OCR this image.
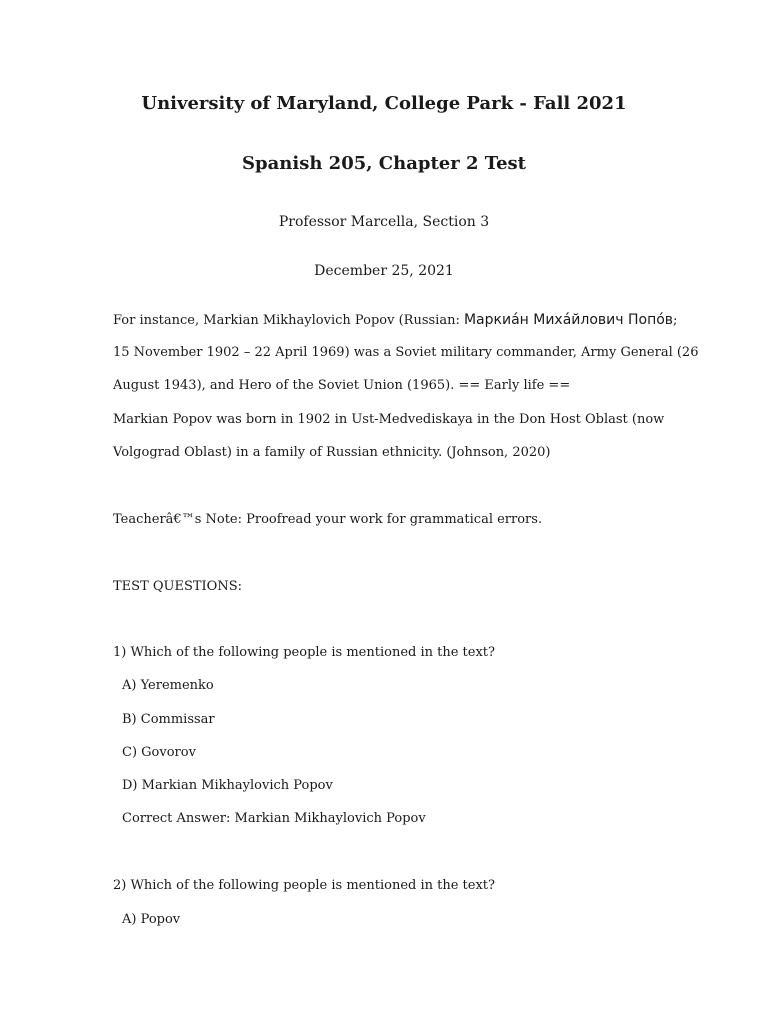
University of Maryland, College Park - Fall 2021

Spanish 205, Chapter 2 Test

Professor Marcella, Section 3

December 25, 2021

For instance, Markian Mikhaylovich Popov (Russian: Маркиа́н Миха́йлович Попо́в;

15 November 1902 – 22 April 1969) was a Soviet military commander, Army General (26

August 1943), and Hero of the Soviet Union (1965). == Early life ==

Markian Popov was born in 1902 in Ust-Medvediskaya in the Don Host Oblast (now

Volgograd Oblast) in a family of Russian ethnicity. (Johnson, 2020)

Teacherâ€™s Note: Proofread your work for grammatical errors.

TEST QUESTIONS:

1) Which of the following people is mentioned in the text?

A) Yeremenko

B) Commissar

C) Govorov

D) Markian Mikhaylovich Popov

Correct Answer: Markian Mikhaylovich Popov

2) Which of the following people is mentioned in the text?

A) Popov
